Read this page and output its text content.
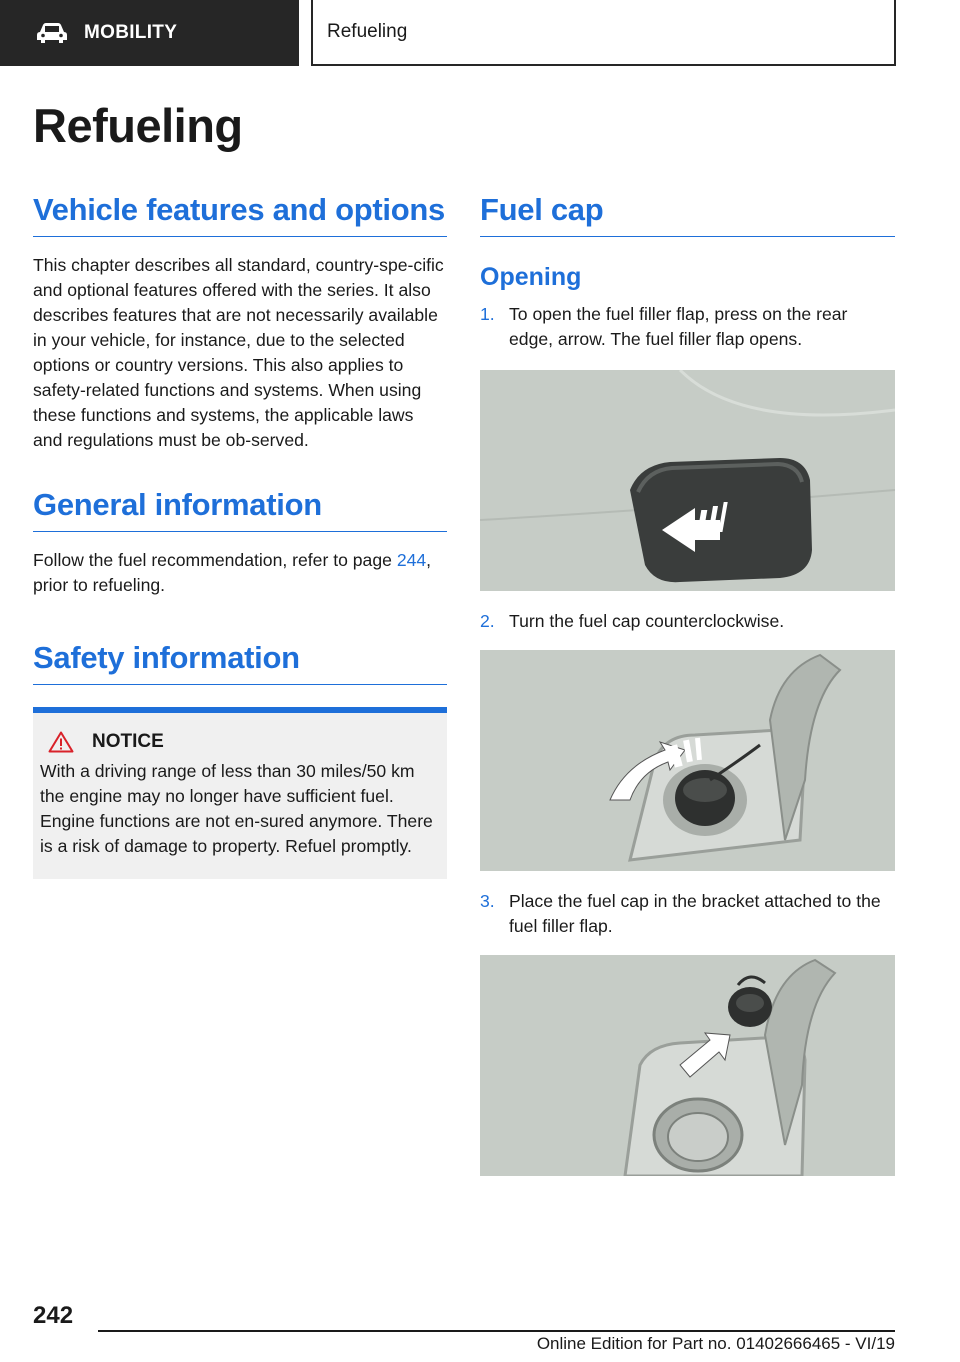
MOBILITY	Refueling
Refueling
Vehicle features and options

This chapter describes all standard, country-spe-cific and optional features offered with the series. It also describes features that are not necessarily available in your vehicle, for instance, due to the selected options or country versions. This also applies to safety-related functions and systems. When using these functions and systems, the applicable laws and regulations must be ob-served.

General information

Follow the fuel recommendation, refer to page 244, prior to refueling.

Safety information
NOTICE

With a driving range of less than 30 miles/50 km the engine may no longer have sufficient fuel. Engine functions are not en-sured anymore. There is a risk of damage to property. Refuel promptly.

Fuel cap
Opening
1. To open the fuel filler flap, press on the rear edge, arrow. The fuel filler flap opens.
2. Turn the fuel cap counterclockwise.
3. Place the fuel cap in the bracket attached to the fuel filler flap.
242
Online Edition for Part no. 01402666465 - VI/19
